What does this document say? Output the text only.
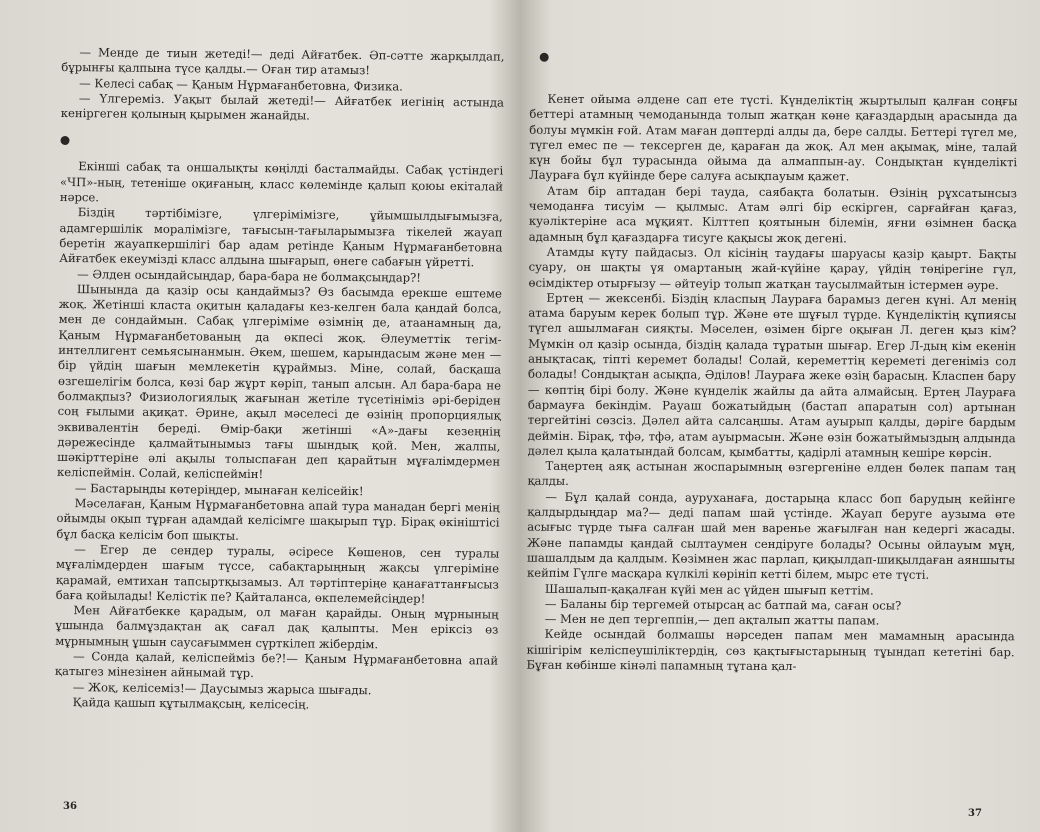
— Менде де тиын жетеді!— деді Айғатбек. Әп-сәтте жарқылдап, бұрынғы қалпына түсе қалды.— Оған тир атамыз!

— Келесі сабақ — Қаным Нұрмағанбетовна, Физика.

— Үлгереміз. Уақыт былай жетеді!— Айғатбек иегінің астында кеніргеген қолының қырымен жанайды.

Екінші сабақ та оншалықты көңілді басталмайды. Сабақ үстіндегі «ЧП»-ның, тетеніше оқиғаның, класс көлемінде қалып қоюы екіталай нәрсе.

Біздің тәртібімізге, үлгерімімізге, ұйымшылдығымызға, адамгершілік моралімізге, тағысын-тағыларымызға тікелей жауап беретін жауапкершілігі бар адам ретінде Қаным Нұрмағанбетовна Айғатбек екеуміздi класс алдына шығарып, өнеге сабағын үйретті.

— Әлден осындайсыңдар, бара-бара не болмақсыңдар?!

Шынында да қазір осы қандаймыз? Өз басымда ерекше ештеме жоқ. Жетінші класта оқитын қаладағы кез-келген бала қандай болса, мен де сондаймын. Сабақ үлгеріміме өзімнің де, атаанамның да, Қаным Нұрмағанбетованың да өкпесі жоқ. Әлеуметтік тегім-интеллигент семьясынанмын. Әкем, шешем, карындасым және мен — бір үйдің шағын мемлекетін құраймыз. Міне, солай, басқаша өзгешелігім болса, көзі бар жұрт көріп, танып алсын. Ал бара-бара не болмақпыз? Физиологиялық жағынан жетіле түсетініміз әрі-беріден соң ғылыми ақиқат. Әрине, ақыл мәселесі де өзінің пропорциялық эквивалентін береді. Өмір-бақи жетінші «А»-дағы кезеңнің дәрежесінде қалмайтынымыз тағы шындық қой. Мен, жалпы, шәкірттеріне әлі ақылы толыспаған деп қарайтын мұғалімдермен келіспеймін. Солай, келіспеймін!

— Бастарыңды көтеріңдер, мынаған келісейік!

Мәселаған, Қаным Нұрмағанбетовна апай тура манадан бергі менің ойымды оқып тұрған адамдай келісімге шақырып тұр. Бірақ өкініштісі бұл басқа келісім боп шықты.

— Егер де сендер туралы, әсіресе Көшенов, сен туралы мұғалімдерден шағым түссе, сабақтарыңның жақсы үлгеріміне қарамай, емтихан тапсыртқызамыз. Ал тәртіптеріңе қанағаттанғысыз баға қойылады! Келістік пе? Қайталанса, өкпелемейсіңдер!

Мен Айғатбекке қарадым, ол маған қарайды. Оның мұрнының ұшында балмұздақтан ақ сағал дақ қалыпты. Мен еріксіз өз мұрнымның ұшын саусағыммен сүрткілеп жібердім.

— Сонда қалай, келіспейміз бе?!— Қаным Нұрмағанбетовна апай қатыгез мінезінен айнымай тұр.

— Жоқ, келісеміз!— Даусымыз жарыса шығады.

Қайда қашып құтылмақсың, келісесің.

36

Кенет ойыма әлдене сап ете түсті. Күнделіктің жыртылып қалған соңғы беттері атамның чемоданында толып жатқан көне қағаздардың арасында да болуы мүмкін ғой. Атам маған дәптерді алды да, бере салды. Беттері түгел ме, түгел емес пе — тексерген де, қараған да жоқ. Ал мен ақымақ, міне, талай күн бойы бұл турасында ойыма да алмаппын-ау. Сондықтан күнделікті Лаураға бұл күйінде бере салуға асықпауым қажет.

Атам бір аптадан бері тауда, саябақта болатын. Өзінің рұхсатынсыз чемоданға тисуім — қылмыс. Атам әлгі бір ескірген, сарғайған қағаз, куәліктеріне аса мұқият. Кілттеп қоятынын білемін, яғни өзімнен басқа адамның бұл қағаздарға тисуге қақысы жоқ дегені.

Атамды күту пайдасыз. Ол кісінің таудағы шаруасы қазір қаырт. Бақты суару, он шақты үя омартаның жай-күйіне қарау, үйдің төңірегіне гүл, өсімдіктер отырғызу — әйтеуір толып жатқан таусылмайтын істермен әуре.

Ертең — жексенбі. Біздің класпың Лаураға барамыз деген күні. Ал менің атама баруым керек болып тұр. Және өте шұғыл түрде. Күнделіктің құпиясы түгел ашылмаған сияқты. Мәселен, өзімен бірге оқыған Л. деген қыз кім? Мүмкін ол қазір осында, біздің қалада тұратын шығар. Егер Л-дың кім екенін анықтасақ, тіпті керемет болады! Солай, кереметтің кереметі дегеніміз сол болады! Сондықтан асықпа, Әділов! Лаураға жеке өзің барасың. Класпен бару — көптің бірі болу. Және күнделік жайлы да айта алмайсың. Ертең Лаураға бармауға бекіндім. Рауаш божатыйдың (бастап апаратын сол) артынан тергейтіні сөзсіз. Дәлел айта салсаңшы. Атам ауырып қалды, дәріге бардым деймін. Бірақ, тфә, тфә, атам ауырмасын. Және өзін божатыймыздың алдында дәлел қыла қалатындай болсам, қымбатты, қадірлі атамның кешіре көрсін.

Таңертең аяқ астынан жоспарымның өзгергеніне елден бөлек папам таң қалды.

— Бұл қалай сонда, ауруханаға, достарыңа класс боп барудың кейінге қалдырдыңдар ма?— деді папам шай үстінде. Жауап беруге аузыма өте асығыс түрде тыға салған шай мен вареньe жағылған нан кедергі жасады. Және папамды қандай сылтаумен сендіруге болады? Осыны ойлауым мұң, шашалдым да қалдым. Көзімнен жас парлап, қиқылдап-шиқылдаған аяншыты кейпім Гүлге масқара күлкілі көрініп кетті білем, мырс ете түсті.

Шашалып-қақалған күйі мен ас үйден шығып кеттім.

— Баланы бір тергемей отырсаң ас батпай ма, саған осы?

— Мен не деп тергеппін,— деп ақталып жатты папам.

Кейде осындай болмашы нәрседен папам мен мамамның арасында кішігірім келіспеушіліктердің, сөз қақтығыстарының тұындап кететіні бар. Бұған көбінше кінәлі папамның тұтана қал-

37
